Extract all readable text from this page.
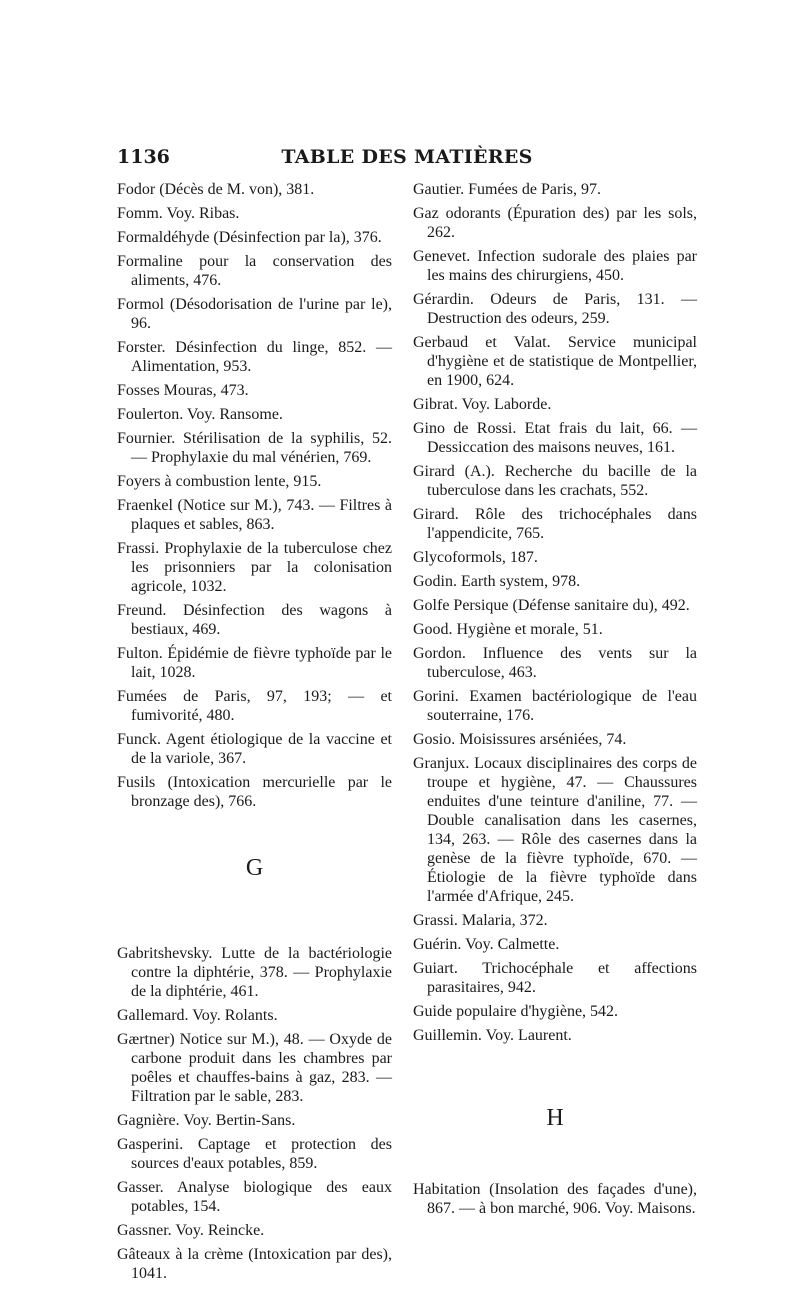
1136	TABLE DES MATIÈRES

Fodor (Décès de M. von), 381.

Fomm. Voy. Ribas.

Formaldéhyde (Désinfection par la), 376.

Formaline pour la conservation des aliments, 476.

Formol (Désodorisation de l'urine par le), 96.

Forster. Désinfection du linge, 852. — Alimentation, 953.

Fosses Mouras, 473.

Foulerton. Voy. Ransome.

Fournier. Stérilisation de la syphilis, 52. — Prophylaxie du mal vénérien, 769.

Foyers à combustion lente, 915.

Fraenkel (Notice sur M.), 743. — Filtres à plaques et sables, 863.

Frassi. Prophylaxie de la tuberculose chez les prisonniers par la colonisation agricole, 1032.

Freund. Désinfection des wagons à bestiaux, 469.

Fulton. Épidémie de fièvre typhoïde par le lait, 1028.

Fumées de Paris, 97, 193; — et fumivorité, 480.

Funck. Agent étiologique de la vaccine et de la variole, 367.

Fusils (Intoxication mercurielle par le bronzage des), 766.

G

Gabritshevsky. Lutte de la bactériologie contre la diphtérie, 378. — Prophylaxie de la diphtérie, 461.

Gallemard. Voy. Rolants.

Gærtner) Notice sur M.), 48. — Oxyde de carbone produit dans les chambres par poêles et chauffes-bains à gaz, 283. — Filtration par le sable, 283.

Gagnière. Voy. Bertin-Sans.

Gasperini. Captage et protection des sources d'eaux potables, 859.

Gasser. Analyse biologique des eaux potables, 154.

Gassner. Voy. Reincke.

Gâteaux à la crème (Intoxication par des), 1041.

Gautier. Fumées de Paris, 97.

Gaz odorants (Épuration des) par les sols, 262.

Genevet. Infection sudorale des plaies par les mains des chirurgiens, 450.

Gérardin. Odeurs de Paris, 131. — Destruction des odeurs, 259.

Gerbaud et Valat. Service municipal d'hygiène et de statistique de Montpellier, en 1900, 624.

Gibrat. Voy. Laborde.

Gino de Rossi. Etat frais du lait, 66. — Dessiccation des maisons neuves, 161.

Girard (A.). Recherche du bacille de la tuberculose dans les crachats, 552.

Girard. Rôle des trichocéphales dans l'appendicite, 765.

Glycoformols, 187.

Godin. Earth system, 978.

Golfe Persique (Défense sanitaire du), 492.

Good. Hygiène et morale, 51.

Gordon. Influence des vents sur la tuberculose, 463.

Gorini. Examen bactériologique de l'eau souterraine, 176.

Gosio. Moisissures arséniées, 74.

Granjux. Locaux disciplinaires des corps de troupe et hygiène, 47. — Chaussures enduites d'une teinture d'aniline, 77. — Double canalisation dans les casernes, 134, 263. — Rôle des casernes dans la genèse de la fièvre typhoïde, 670. — Étiologie de la fièvre typhoïde dans l'armée d'Afrique, 245.

Grassi. Malaria, 372.

Guérin. Voy. Calmette.

Guiart. Trichocéphale et affections parasitaires, 942.

Guide populaire d'hygiène, 542.

Guillemin. Voy. Laurent.

H

Habitation (Insolation des façades d'une), 867. — à bon marché, 906. Voy. Maisons.
